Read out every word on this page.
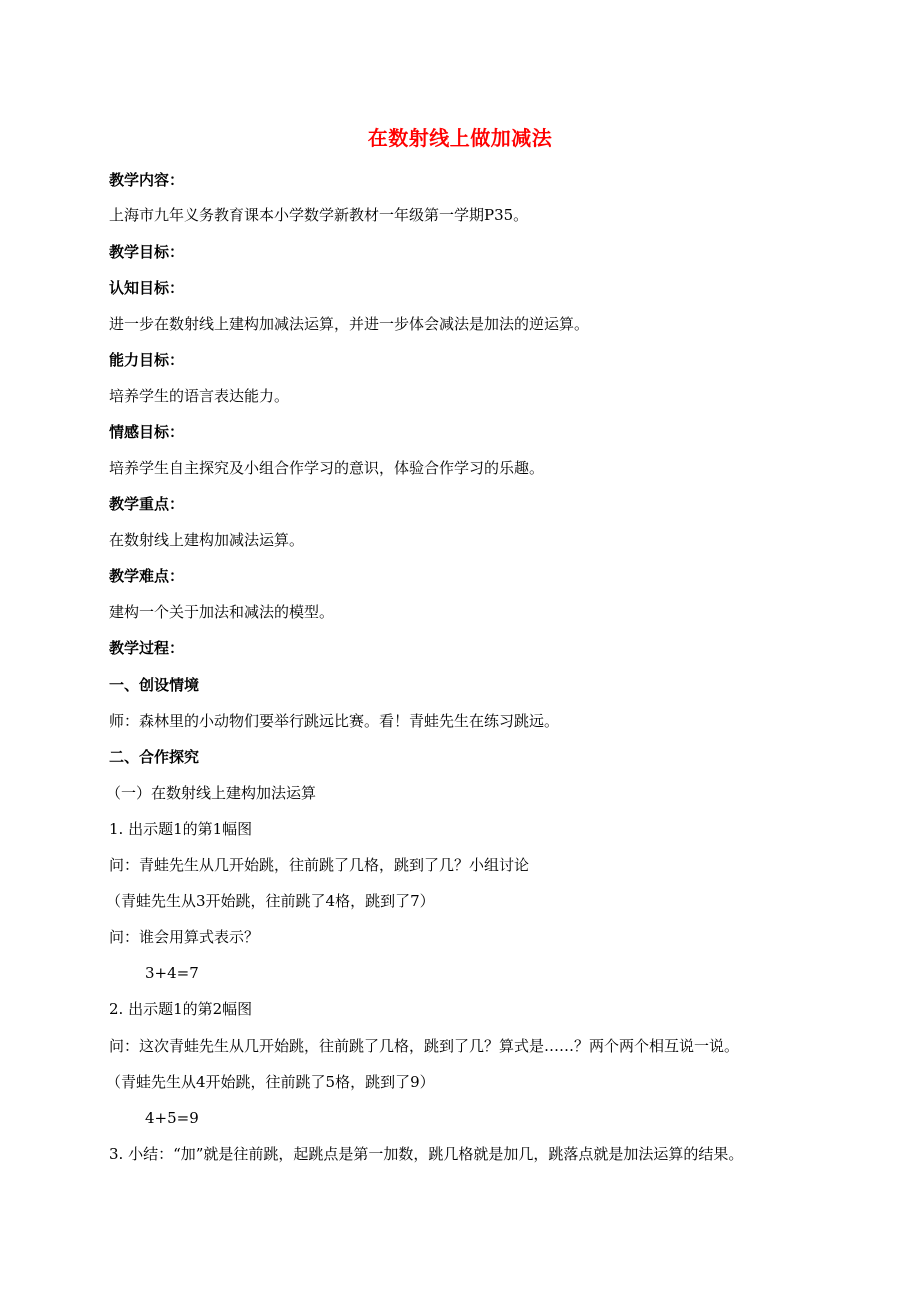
在数射线上做加减法
教学内容：
上海市九年义务教育课本小学数学新教材一年级第一学期P35。
教学目标：
认知目标：
进一步在数射线上建构加减法运算，并进一步体会减法是加法的逆运算。
能力目标：
培养学生的语言表达能力。
情感目标：
培养学生自主探究及小组合作学习的意识，体验合作学习的乐趣。
教学重点：
在数射线上建构加减法运算。
教学难点：
建构一个关于加法和减法的模型。
教学过程：
一、创设情境
师：森林里的小动物们要举行跳远比赛。看！青蛙先生在练习跳远。
二、合作探究
（一）在数射线上建构加法运算
1. 出示题1的第1幅图
问：青蛙先生从几开始跳，往前跳了几格，跳到了几？小组讨论
（青蛙先生从3开始跳，往前跳了4格，跳到了7）
问：谁会用算式表示？
3+4=7
2. 出示题1的第2幅图
问：这次青蛙先生从几开始跳，往前跳了几格，跳到了几？算式是……？两个两个相互说一说。
（青蛙先生从4开始跳，往前跳了5格，跳到了9）
4+5=9
3. 小结：“加”就是往前跳，起跳点是第一加数，跳几格就是加几，跳落点就是加法运算的结果。
